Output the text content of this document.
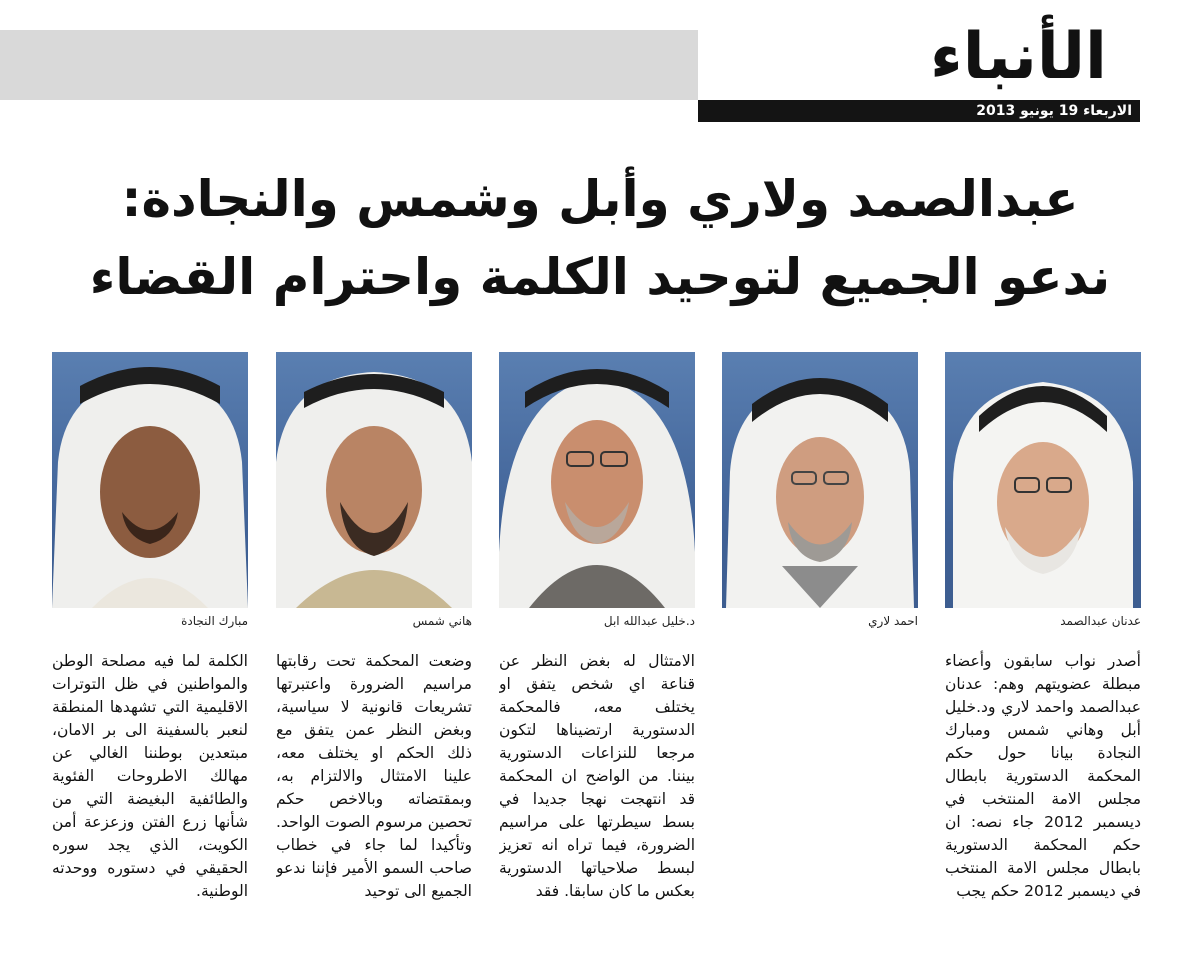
الأنباء
الاربعاء 19 يونيو 2013
عبدالصمد ولاري وأبل وشمس والنجادة:
ندعو الجميع لتوحيد الكلمة واحترام القضاء
عدنان عبدالصمد
احمد لاري
د.خليل عبدالله ابل
هاني شمس
مبارك النجادة
أصدر نواب سابقون وأعضاء مبطلة عضويتهم وهم: عدنان عبدالصمد واحمد لاري ود.خليل أبل وهاني شمس ومبارك النجادة بيانا حول حكم المحكمة الدستورية بابطال مجلس الامة المنتخب في ديسمبر 2012 جاء نصه: ان حكم المحكمة الدستورية بابطال مجلس الامة المنتخب في ديسمبر 2012 حكم يجب
الامتثال له بغض النظر عن قناعة اي شخص يتفق او يختلف معه، فالمحكمة الدستورية ارتضيناها لتكون مرجعا للنزاعات الدستورية بيننا. من الواضح ان المحكمة قد انتهجت نهجا جديدا في بسط سيطرتها على مراسيم الضرورة، فيما تراه انه تعزيز لبسط صلاحياتها الدستورية بعكس ما كان سابقا. فقد
وضعت المحكمة تحت رقابتها مراسيم الضرورة واعتبرتها تشريعات قانونية لا سياسية، وبغض النظر عمن يتفق مع ذلك الحكم او يختلف معه، علينا الامتثال والالتزام به، وبمقتضاته وبالاخص حكم تحصين مرسوم الصوت الواحد. وتأكيدا لما جاء في خطاب صاحب السمو الأمير فإننا ندعو الجميع الى توحيد
الكلمة لما فيه مصلحة الوطن والمواطنين في ظل التوترات الاقليمية التي تشهدها المنطقة لنعبر بالسفينة الى بر الامان، مبتعدين بوطننا الغالي عن مهالك الاطروحات الفئوية والطائفية البغيضة التي من شأنها زرع الفتن وزعزعة أمن الكويت، الذي يجد سوره الحقيقي في دستوره ووحدته الوطنية.
